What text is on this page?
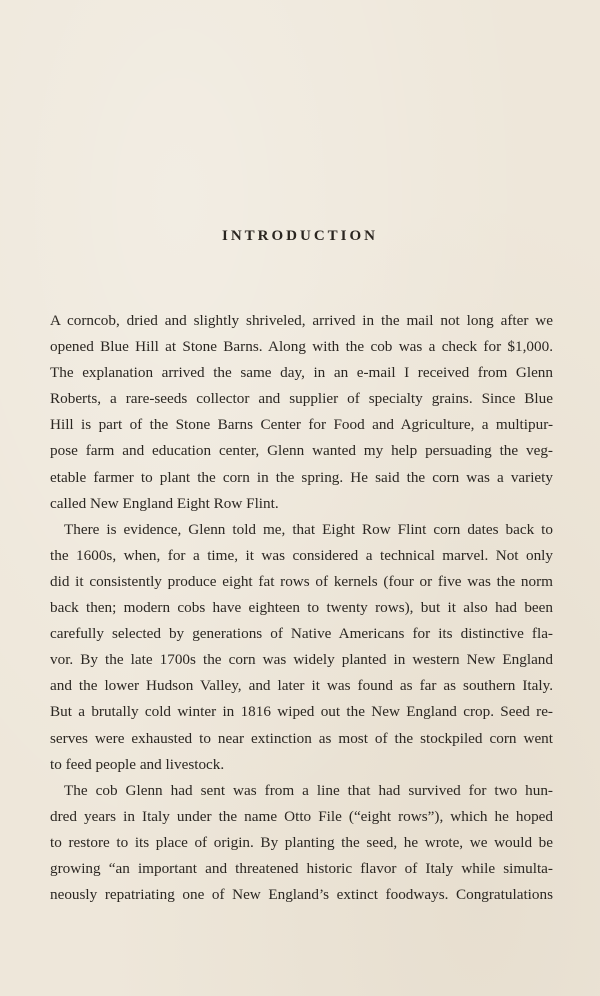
INTRODUCTION
A corncob, dried and slightly shriveled, arrived in the mail not long after we
opened Blue Hill at Stone Barns. Along with the cob was a check for $1,000.
The explanation arrived the same day, in an e-mail I received from Glenn
Roberts, a rare-seeds collector and supplier of specialty grains. Since Blue
Hill is part of the Stone Barns Center for Food and Agriculture, a multipur-
pose farm and education center, Glenn wanted my help persuading the veg-
etable farmer to plant the corn in the spring. He said the corn was a variety
called New England Eight Row Flint.
There is evidence, Glenn told me, that Eight Row Flint corn dates back to
the 1600s, when, for a time, it was considered a technical marvel. Not only
did it consistently produce eight fat rows of kernels (four or five was the norm
back then; modern cobs have eighteen to twenty rows), but it also had been
carefully selected by generations of Native Americans for its distinctive fla-
vor. By the late 1700s the corn was widely planted in western New England
and the lower Hudson Valley, and later it was found as far as southern Italy.
But a brutally cold winter in 1816 wiped out the New England crop. Seed re-
serves were exhausted to near extinction as most of the stockpiled corn went
to feed people and livestock.
The cob Glenn had sent was from a line that had survived for two hun-
dred years in Italy under the name Otto File (“eight rows”), which he hoped
to restore to its place of origin. By planting the seed, he wrote, we would be
growing “an important and threatened historic flavor of Italy while simulta-
neously repatriating one of New England’s extinct foodways. Congratulations
